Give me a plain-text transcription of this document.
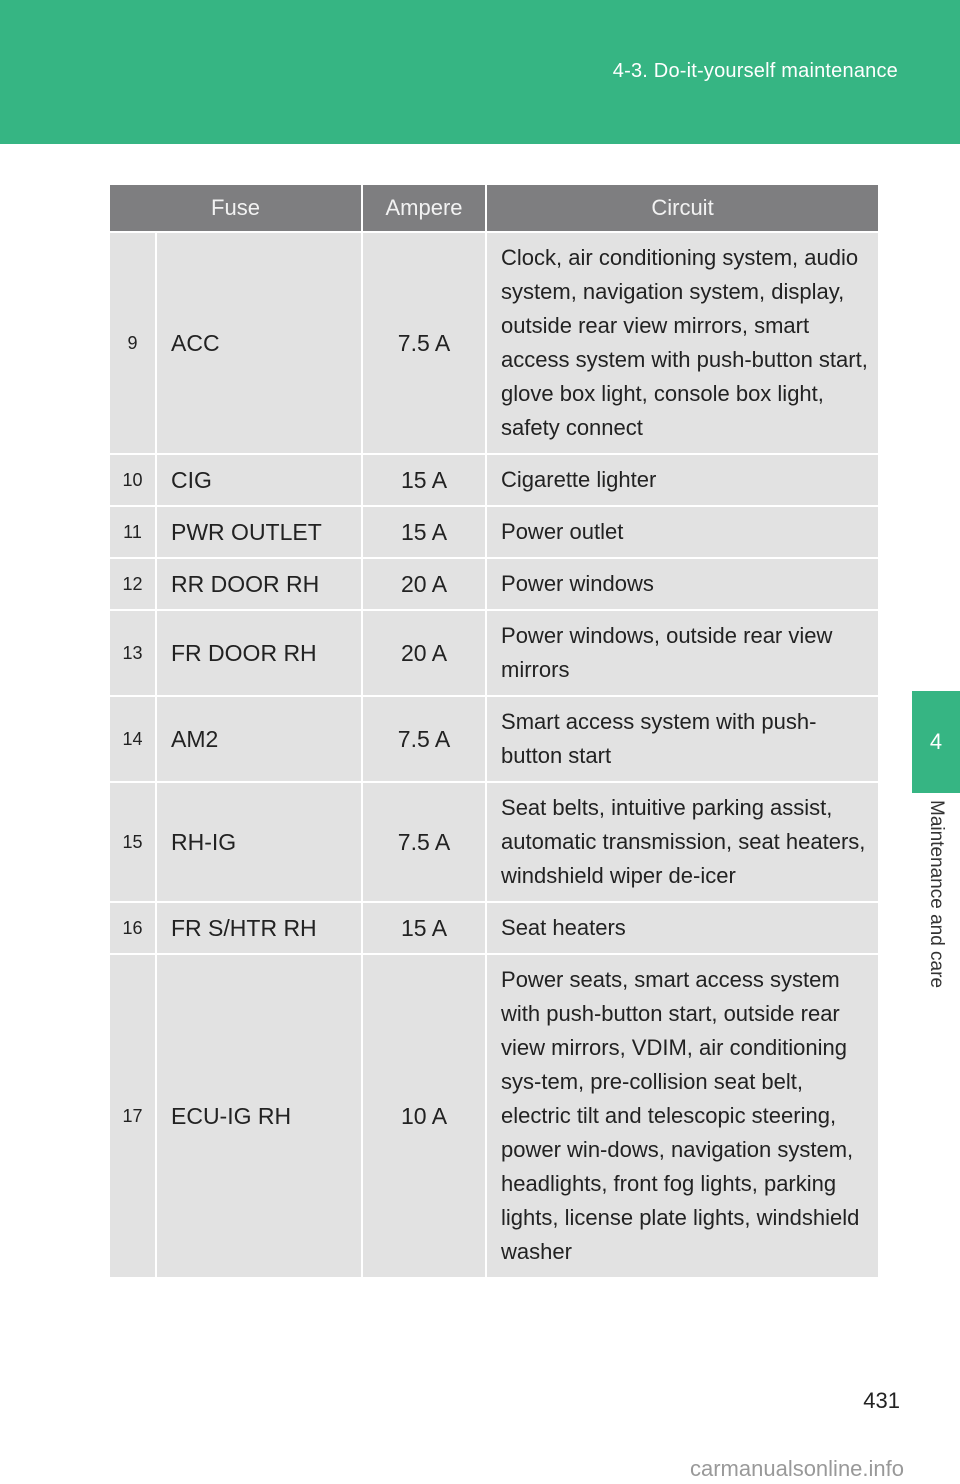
4-3. Do-it-yourself maintenance
4
Maintenance and care
Fuse		Ampere	Circuit
9	ACC	7.5 A	Clock, air conditioning system, audio system, navigation system, display, outside rear view mirrors, smart access system with push-button start, glove box light, console box light, safety connect
10	CIG	15 A	Cigarette lighter
11	PWR OUTLET	15 A	Power outlet
12	RR DOOR RH	20 A	Power windows
13	FR DOOR RH	20 A	Power windows, outside rear view mirrors
14	AM2	7.5 A	Smart access system with push-button start
15	RH-IG	7.5 A	Seat belts, intuitive parking assist, automatic transmission, seat heaters, windshield wiper de-icer
16	FR S/HTR RH	15 A	Seat heaters
17	ECU-IG RH	10 A	Power seats, smart access system with push-button start, outside rear view mirrors, VDIM, air conditioning sys-tem, pre-collision seat belt, electric tilt and telescopic steering, power win-dows, navigation system, headlights, front fog lights, parking lights, license plate lights, windshield washer
431
carmanualsonline.info
